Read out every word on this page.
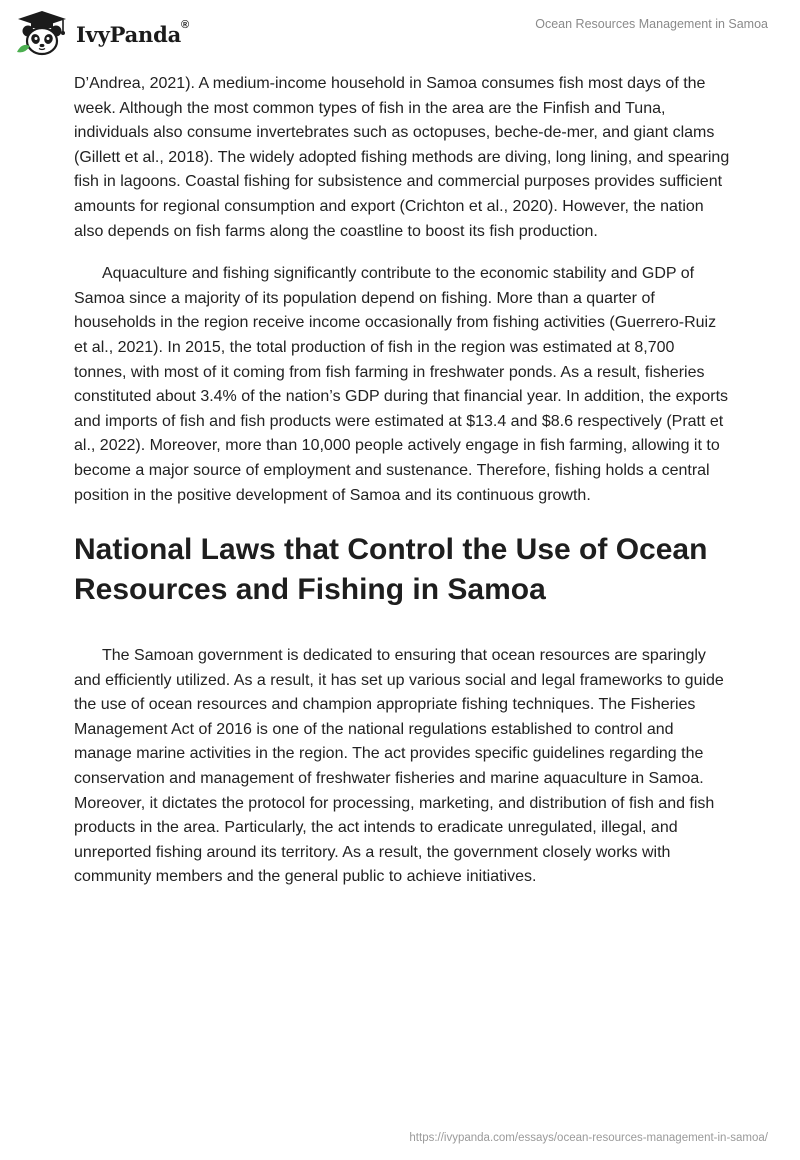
IvyPanda®	Ocean Resources Management in Samoa

D’Andrea, 2021). A medium-income household in Samoa consumes fish most days of the week. Although the most common types of fish in the area are the Finfish and Tuna, individuals also consume invertebrates such as octopuses, beche-de-mer, and giant clams (Gillett et al., 2018). The widely adopted fishing methods are diving, long lining, and spearing fish in lagoons. Coastal fishing for subsistence and commercial purposes provides sufficient amounts for regional consumption and export (Crichton et al., 2020). However, the nation also depends on fish farms along the coastline to boost its fish production.

Aquaculture and fishing significantly contribute to the economic stability and GDP of Samoa since a majority of its population depend on fishing. More than a quarter of households in the region receive income occasionally from fishing activities (Guerrero-Ruiz et al., 2021). In 2015, the total production of fish in the region was estimated at 8,700 tonnes, with most of it coming from fish farming in freshwater ponds. As a result, fisheries constituted about 3.4% of the nation’s GDP during that financial year. In addition, the exports and imports of fish and fish products were estimated at $13.4 and $8.6 respectively (Pratt et al., 2022). Moreover, more than 10,000 people actively engage in fish farming, allowing it to become a major source of employment and sustenance. Therefore, fishing holds a central position in the positive development of Samoa and its continuous growth.

National Laws that Control the Use of Ocean Resources and Fishing in Samoa

The Samoan government is dedicated to ensuring that ocean resources are sparingly and efficiently utilized. As a result, it has set up various social and legal frameworks to guide the use of ocean resources and champion appropriate fishing techniques. The Fisheries Management Act of 2016 is one of the national regulations established to control and manage marine activities in the region. The act provides specific guidelines regarding the conservation and management of freshwater fisheries and marine aquaculture in Samoa. Moreover, it dictates the protocol for processing, marketing, and distribution of fish and fish products in the area. Particularly, the act intends to eradicate unregulated, illegal, and unreported fishing around its territory. As a result, the government closely works with community members and the general public to achieve initiatives.

https://ivypanda.com/essays/ocean-resources-management-in-samoa/
